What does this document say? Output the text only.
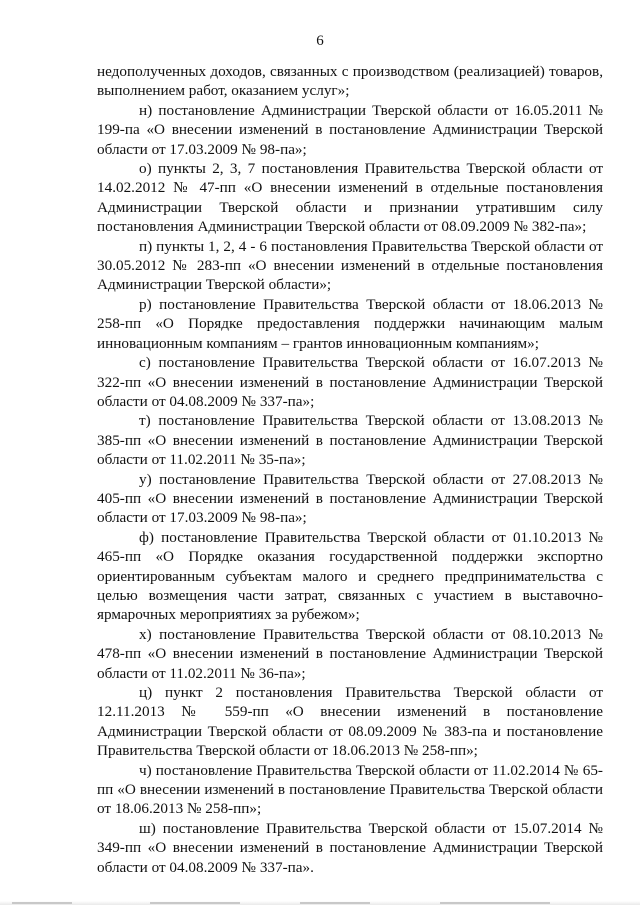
6

недополученных доходов, связанных с производством (реализацией) товаров, выполнением работ, оказанием услуг»;

н) постановление Администрации Тверской области от 16.05.2011 № 199-па «О внесении изменений в постановление Администрации Тверской области от 17.03.2009 № 98-па»;

о) пункты 2, 3, 7 постановления Правительства Тверской области от 14.02.2012 № 47-пп «О внесении изменений в отдельные постановления Администрации Тверской области и признании утратившим силу постановления Администрации Тверской области от 08.09.2009 № 382-па»;

п) пункты 1, 2, 4 - 6 постановления Правительства Тверской области от 30.05.2012 № 283-пп «О внесении изменений в отдельные постановления Администрации Тверской области»;

р) постановление Правительства Тверской области от 18.06.2013 № 258-пп «О Порядке предоставления поддержки начинающим малым инновационным компаниям – грантов инновационным компаниям»;

с) постановление Правительства Тверской области от 16.07.2013 № 322-пп «О внесении изменений в постановление Администрации Тверской области от 04.08.2009 № 337-па»;

т) постановление Правительства Тверской области от 13.08.2013 № 385-пп «О внесении изменений в постановление Администрации Тверской области от 11.02.2011 № 35-па»;

у) постановление Правительства Тверской области от 27.08.2013 № 405-пп «О внесении изменений в постановление Администрации Тверской области от 17.03.2009 № 98-па»;

ф) постановление Правительства Тверской области от 01.10.2013 № 465-пп «О Порядке оказания государственной поддержки экспортно ориентированным субъектам малого и среднего предпринимательства с целью возмещения части затрат, связанных с участием в выставочно-ярмарочных мероприятиях за рубежом»;

х) постановление Правительства Тверской области от 08.10.2013 № 478-пп «О внесении изменений в постановление Администрации Тверской области от 11.02.2011 № 36-па»;

ц) пункт 2 постановления Правительства Тверской области от 12.11.2013 № 559-пп «О внесении изменений в постановление Администрации Тверской области от 08.09.2009 № 383-па и постановление Правительства Тверской области от 18.06.2013 № 258-пп»;

ч) постановление Правительства Тверской области от 11.02.2014 № 65-пп «О внесении изменений в постановление Правительства Тверской области от 18.06.2013 № 258-пп»;

ш) постановление Правительства Тверской области от 15.07.2014 № 349-пп «О внесении изменений в постановление Администрации Тверской области от 04.08.2009 № 337-па».
